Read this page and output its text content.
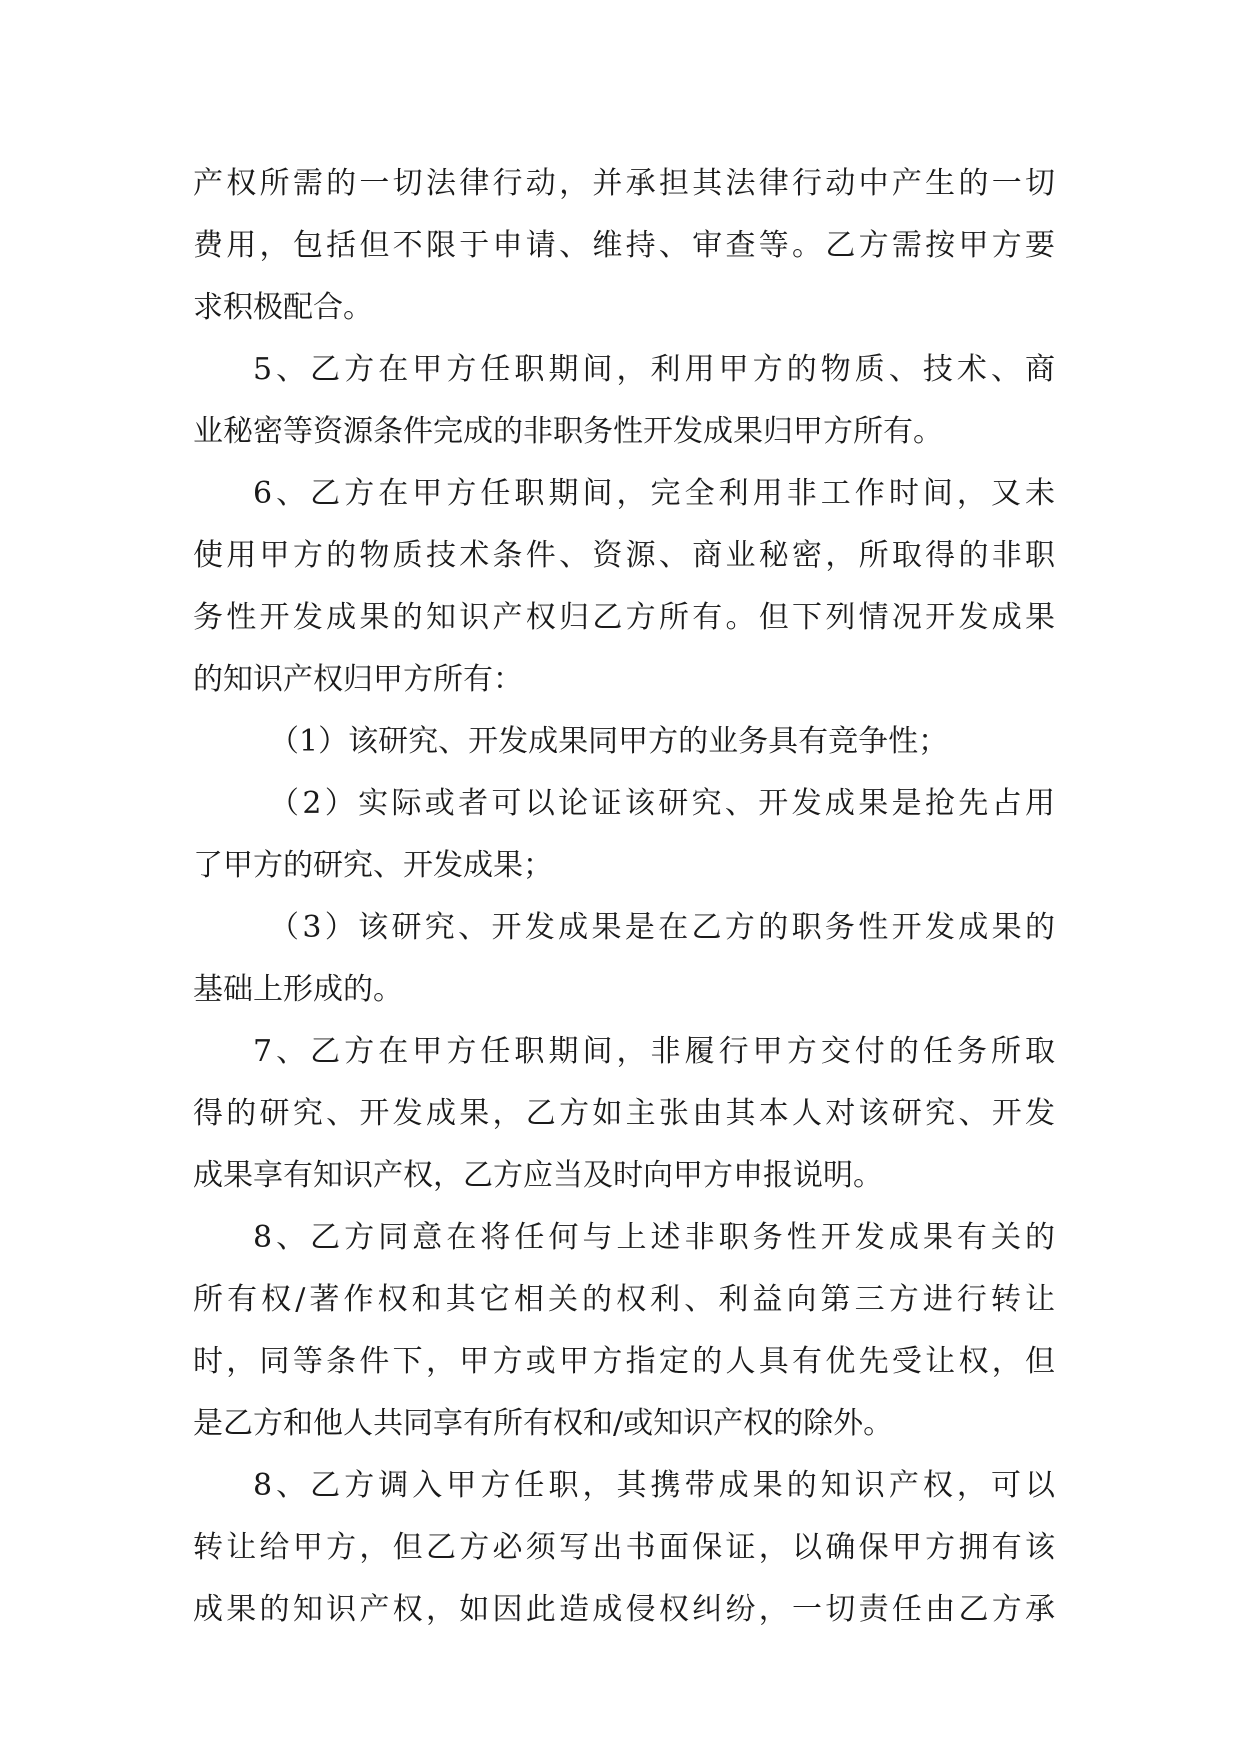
产权所需的一切法律行动，并承担其法律行动中产生的一切
费用，包括但不限于申请、维持、审查等。乙方需按甲方要
求积极配合。
5、乙方在甲方任职期间，利用甲方的物质、技术、商
业秘密等资源条件完成的非职务性开发成果归甲方所有。
6、乙方在甲方任职期间，完全利用非工作时间，又未
使用甲方的物质技术条件、资源、商业秘密，所取得的非职
务性开发成果的知识产权归乙方所有。但下列情况开发成果
的知识产权归甲方所有：
（1）该研究、开发成果同甲方的业务具有竞争性；
（2）实际或者可以论证该研究、开发成果是抢先占用
了甲方的研究、开发成果；
（3）该研究、开发成果是在乙方的职务性开发成果的
基础上形成的。
7、乙方在甲方任职期间，非履行甲方交付的任务所取
得的研究、开发成果，乙方如主张由其本人对该研究、开发
成果享有知识产权，乙方应当及时向甲方申报说明。
8、乙方同意在将任何与上述非职务性开发成果有关的
所有权/著作权和其它相关的权利、利益向第三方进行转让
时，同等条件下，甲方或甲方指定的人具有优先受让权，但
是乙方和他人共同享有所有权和/或知识产权的除外。
8、乙方调入甲方任职，其携带成果的知识产权，可以
转让给甲方，但乙方必须写出书面保证，以确保甲方拥有该
成果的知识产权，如因此造成侵权纠纷，一切责任由乙方承
